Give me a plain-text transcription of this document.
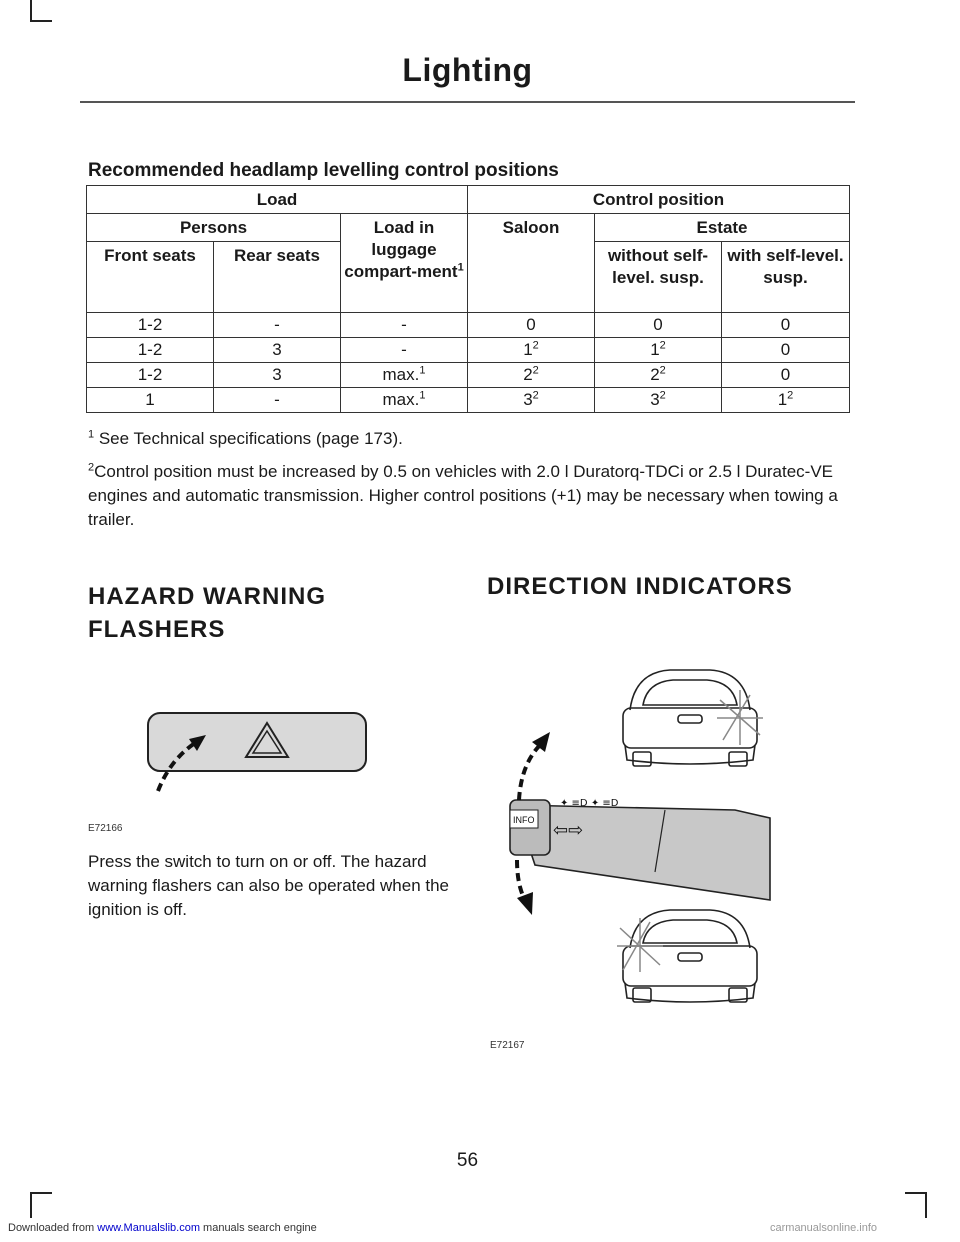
Lighting
Recommended headlamp levelling control positions
Load			Control position		
Persons		Load in luggage compart-ment$^1$	Saloon	Estate	
Front seats	Rear seats			without self-level. susp.	with self-level. susp.
1-2	-	-	0	0	0
1-2	3	-	$1^2$	$1^2$	0
1-2	3	max.$^1$	$2^2$	$2^2$	0
1	-	max.$^1$	$3^2$	$3^2$	$1^2$
$^1$ See Technical specifications (page 173).
$^2$Control position must be increased by 0.5 on vehicles with 2.0 l Duratorq-TDCi or 2.5 l Duratec-VE engines and automatic transmission. Higher control positions (+1) may be necessary when towing a trailer.
HAZARD WARNING
FLASHERS
E72166
Press the switch to turn on or off. The hazard warning flashers can also be operated when the ignition is off.
DIRECTION INDICATORS
INFO ⇦⇨
✦ ≡D ✦ ≡D
E72167
56
Downloaded from www.Manualslib.com manuals search engine	carmanualsonline.info
